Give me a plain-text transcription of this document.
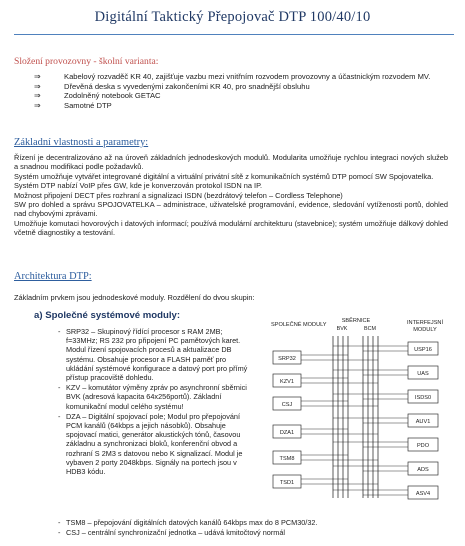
Digitální Taktický Přepojovač DTP 100/40/10
Složení provozovny - školní varianta:
⇒	Kabelový rozvaděč KR 40, zajišťuje vazbu mezi vnitřním rozvodem provozovny a účastnickým rozvodem MV.
⇒	Dřevěná deska s vyvedenými zakončeními KR 40, pro snadnější obsluhu
⇒	Zodolněný notebook GETAC
⇒	Samotné DTP
Základní vlastnosti a parametry:

Řízení je decentralizováno až na úroveň základních jednodeskových modulů. Modularita umožňuje rychlou integraci nových služeb a snadnou modifikaci podle požadavků.

Systém umožňuje vytvářet integrované digitální a virtuální privátní sítě z komunikačních systémů DTP pomocí SW Spojovatelka.

Systém DTP nabízí VoIP přes GW, kde je konverzován protokol ISDN na IP.

Možnost připojení DECT přes rozhraní a signalizaci ISDN (bezdrátový telefon – Cordless Telephone)

SW pro dohled a správu SPOJOVATELKA – administrace, uživatelské programování, evidence, sledování vytíženosti portů, dohled nad chybovými zprávami.

Umožňuje komutaci hovorových i datových informací; používá modulární architekturu (stavebnice); systém umožňuje dálkový dohled včetně diagnostiky a testování.

Architektura DTP:
Základním prvkem jsou jednodeskové moduly. Rozdělení do dvou skupin:
a) Společné systémové moduly:
- SRP32 – Skupinový řídící procesor s RAM 2MB; f=33MHz; RS 232 pro připojení PC pamětových karet. Modul řízení spojovacích procesů a aktualizace DB systému. Obsahuje procesor a FLASH paměť pro ukládání systémové konfigurace a datový port pro přímý přístup pracoviště dohledu.
- KZV – komutátor výměny zpráv po asynchronní sběrnici BVK (adresová kapacita 64x256portů). Základní komunikační modul celého systému!
- DZA – Digitální spojovací pole; Modul pro přepojování PCM kanálů (64kbps a jejich násobků). Obsahuje spojovací matici, generátor akustických tónů, časovou základnu a synchronizaci bloků, konferenční obvod a rozhraní S 2M3 s datovou nebo K signalizací. Modul je vybaven 2 porty 2048kbps. Signály na portech jsou v HDB3 kódu.
- TSM8 – přepojování digitálních datových kanálů 64kbps max do 8 PCM30/32.
- CSJ – centrální synchronizační jednotka – udává kmitočtový normál
SPOLEČNÉ MODULY
SBĚRNICE
BVK	BCM
INTERFEJSNÍ
MODULY
SRP32
KZV1
CSJ
DZA1
TSM8
TSD1
USP16
UAS
ISDS0
AUV1
PDO
ADS
ASV4
